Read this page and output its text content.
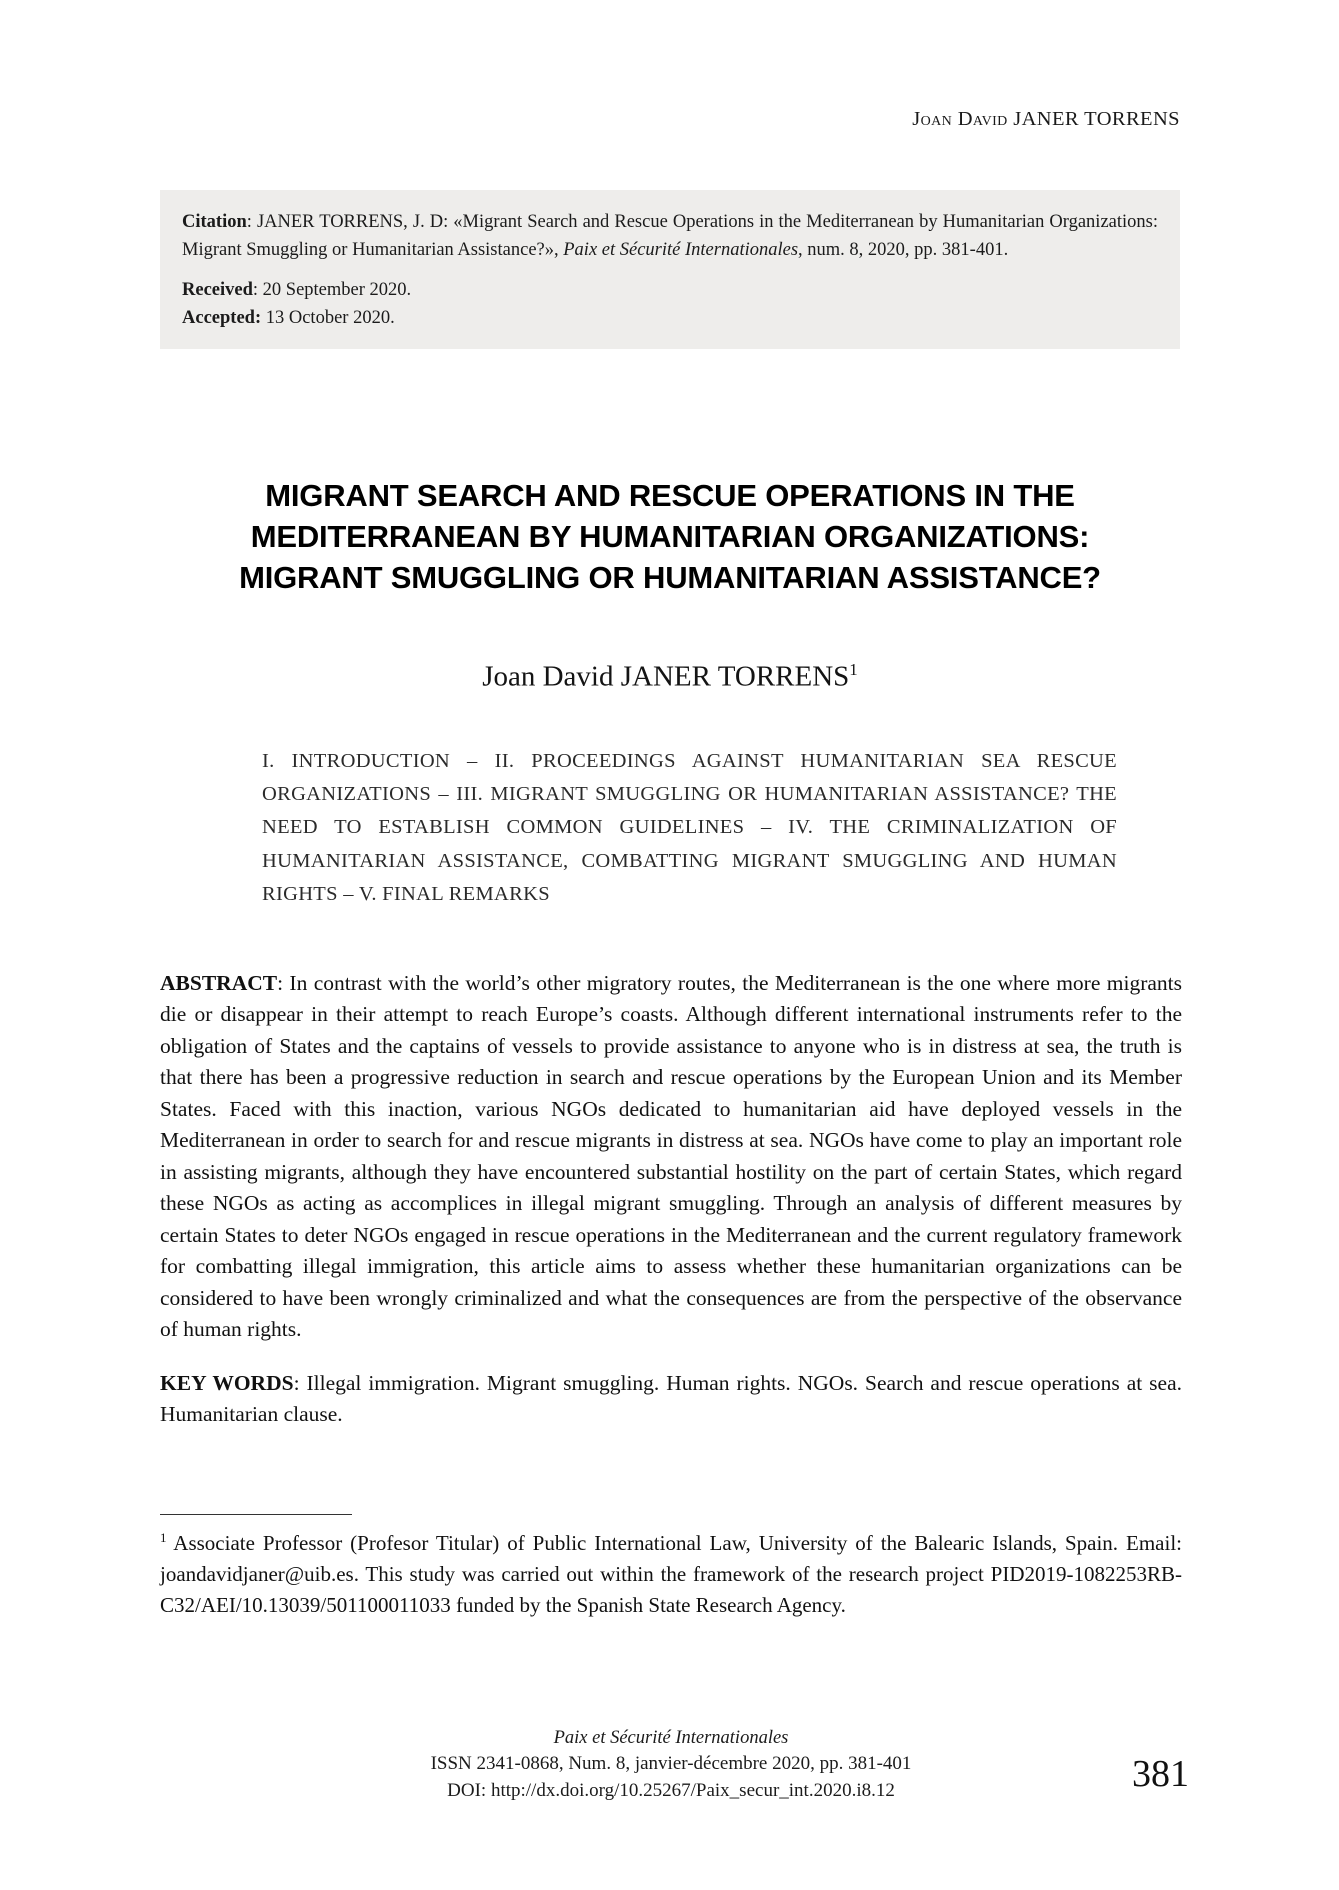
Joan David JANER TORRENS

Citation: JANER TORRENS, J. D: «Migrant Search and Rescue Operations in the Mediterranean by Humanitarian Organizations: Migrant Smuggling or Humanitarian Assistance?», Paix et Sécurité Internationales, num. 8, 2020, pp. 381-401.

Received: 20 September 2020.
Accepted: 13 October 2020.
MIGRANT SEARCH AND RESCUE OPERATIONS IN THE
MEDITERRANEAN BY HUMANITARIAN ORGANIZATIONS:
MIGRANT SMUGGLING OR HUMANITARIAN ASSISTANCE?
Joan David JANER TORRENS$^1$
I. INTRODUCTION – II. PROCEEDINGS AGAINST HUMANITARIAN SEA RESCUE ORGANIZATIONS – III. MIGRANT SMUGGLING OR HUMANITARIAN ASSISTANCE? THE NEED TO ESTABLISH COMMON GUIDELINES – IV. THE CRIMINALIZATION OF HUMANITARIAN ASSISTANCE, COMBATTING MIGRANT SMUGGLING AND HUMAN RIGHTS – V. FINAL REMARKS
ABSTRACT: In contrast with the world’s other migratory routes, the Mediterranean is the one where more migrants die or disappear in their attempt to reach Europe’s coasts. Although different international instruments refer to the obligation of States and the captains of vessels to provide assistance to anyone who is in distress at sea, the truth is that there has been a progressive reduction in search and rescue operations by the European Union and its Member States. Faced with this inaction, various NGOs dedicated to humanitarian aid have deployed vessels in the Mediterranean in order to search for and rescue migrants in distress at sea. NGOs have come to play an important role in assisting migrants, although they have encountered substantial hostility on the part of certain States, which regard these NGOs as acting as accomplices in illegal migrant smuggling. Through an analysis of different measures by certain States to deter NGOs engaged in rescue operations in the Mediterranean and the current regulatory framework for combatting illegal immigration, this article aims to assess whether these humanitarian organizations can be considered to have been wrongly criminalized and what the consequences are from the perspective of the observance of human rights.
KEY WORDS: Illegal immigration. Migrant smuggling. Human rights. NGOs. Search and rescue operations at sea. Humanitarian clause.
$^1$ Associate Professor (Profesor Titular) of Public International Law, University of the Balearic Islands, Spain. Email: joandavidjaner@uib.es. This study was carried out within the framework of the research project PID2019-1082253RB-C32/AEI/10.13039/501100011033 funded by the Spanish State Research Agency.
Paix et Sécurité Internationales
ISSN 2341-0868, Num. 8, janvier-décembre 2020, pp. 381-401
DOI: http://dx.doi.org/10.25267/Paix_secur_int.2020.i8.12	381
